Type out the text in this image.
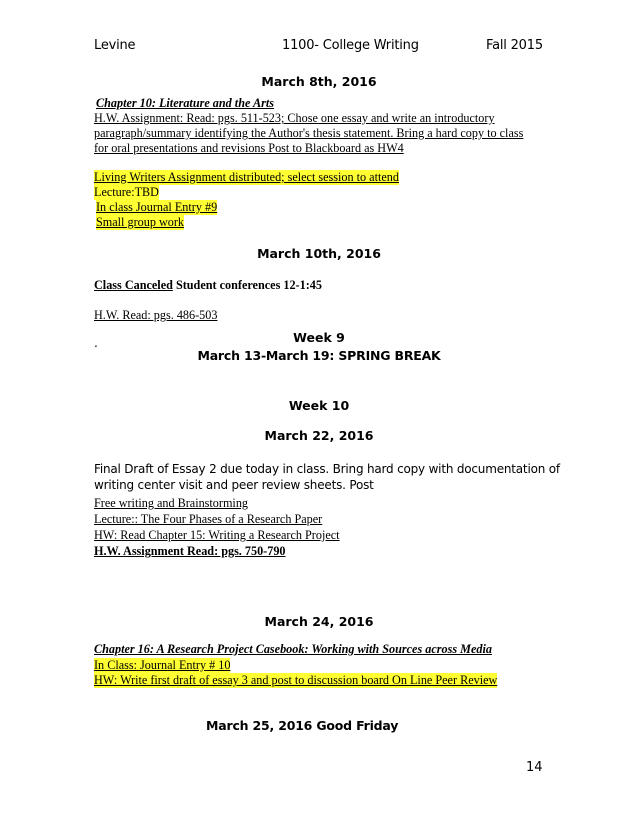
Levine	1100- College Writing	Fall 2015
March 8th, 2016
Chapter 10: Literature and the Arts
H.W. Assignment: Read: pgs. 511-523; Chose one essay and write an introductory
paragraph/summary identifying the Author's thesis statement. Bring a hard copy to class
for oral presentations and revisions Post to Blackboard as HW4
Living Writers Assignment distributed; select session to attend
Lecture:TBD
In class Journal Entry #9
Small group work
March 10th, 2016
Class Canceled Student conferences 12-1:45
H.W. Read: pgs. 486-503
.	Week 9
March 13-March 19: SPRING BREAK
Week 10
March 22, 2016
Final Draft of Essay 2 due today in class. Bring hard copy with documentation of
writing center visit and peer review sheets. Post
Free writing and Brainstorming
Lecture:: The Four Phases of a Research Paper
HW: Read Chapter 15: Writing a Research Project
H.W. Assignment Read: pgs. 750-790
March 24, 2016
Chapter 16: A Research Project Casebook: Working with Sources across Media
In Class: Journal Entry # 10
HW: Write first draft of essay 3 and post to discussion board On Line Peer Review
March 25, 2016 Good Friday
14
